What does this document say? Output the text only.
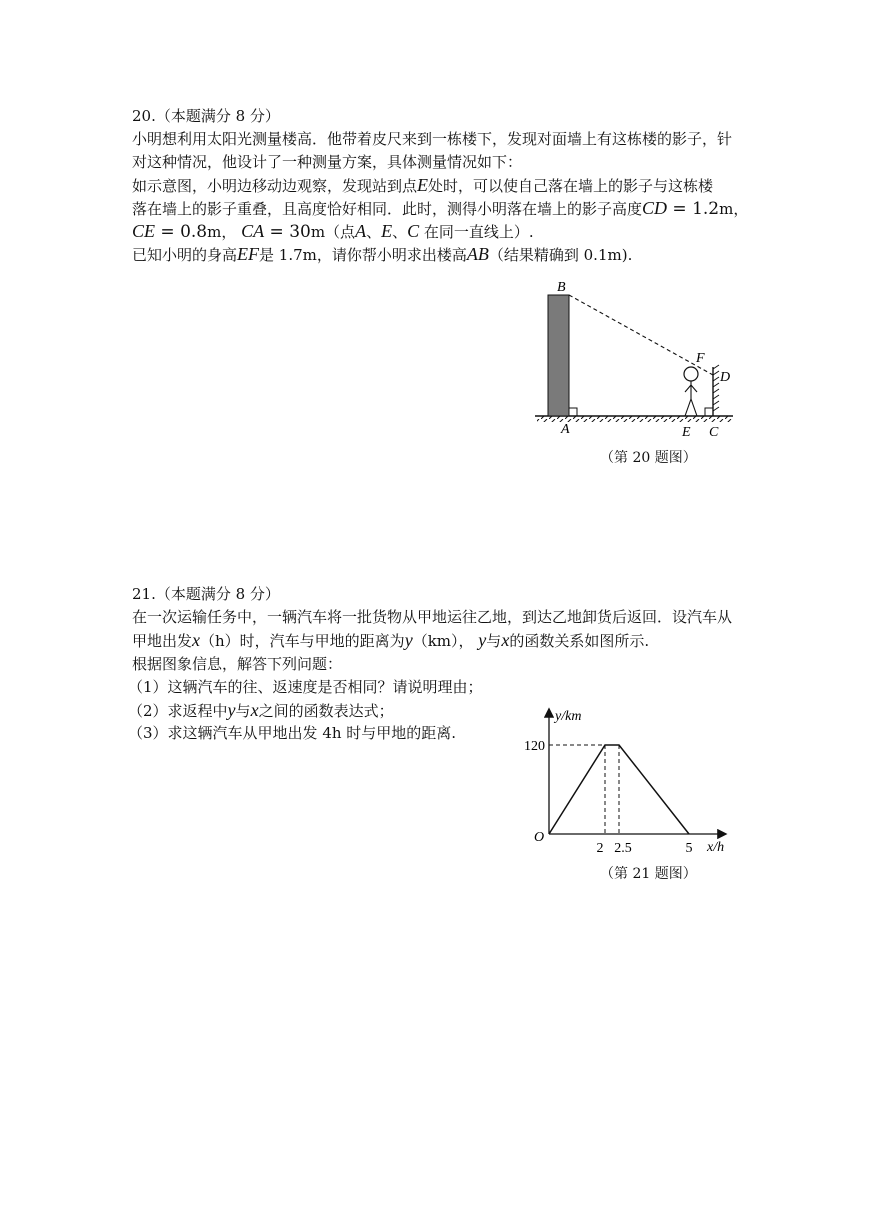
20.（本题满分 8 分）
小明想利用太阳光测量楼高．他带着皮尺来到一栋楼下，发现对面墙上有这栋楼的影子，针
对这种情况，他设计了一种测量方案，具体测量情况如下：
如示意图，小明边移动边观察，发现站到点E处时，可以使自己落在墙上的影子与这栋楼
落在墙上的影子重叠，且高度恰好相同．此时，测得小明落在墙上的影子高度CD = 1.2m，
CE = 0.8m， CA = 30m（点A、E、C 在同一直线上）.
已知小明的身高EF是 1.7m，请你帮小明求出楼高AB（结果精确到 0.1m).
B
F
D
A	E C
（第 20 题图）
21.（本题满分 8 分）
在一次运输任务中，一辆汽车将一批货物从甲地运往乙地，到达乙地卸货后返回．设汽车从
甲地出发x（h）时，汽车与甲地的距离为y（km）， y与x的函数关系如图所示.
根据图象信息，解答下列问题：
（1）这辆汽车的往、返速度是否相同？请说明理由；
（2）求返程中y与x之间的函数表达式；
（3）求这辆汽车从甲地出发 4h 时与甲地的距离.
y/km
x/h
O
2 2.5	5
120
（第 21 题图）
